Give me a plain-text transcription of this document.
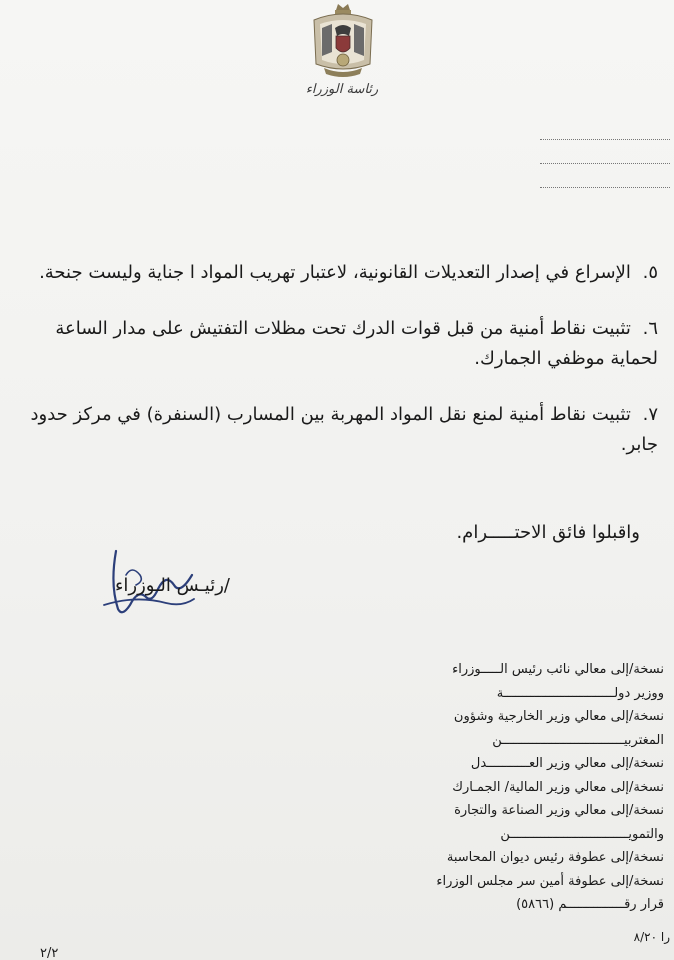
رئاسة الوزراء

٥. الإسراع في إصدار التعديلات القانونية، لاعتبار تهريب المواد ا جناية وليست جنحة.

٦. تثبيت نقاط أمنية من قبل قوات الدرك تحت مظلات التفتيش على مدار الساعة لحماية موظفي الجمارك.

٧. تثبيت نقاط أمنية لمنع نقل المواد المهربة بين المسارب (السنفرة) في مركز حدود جابر.

واقبلوا فائق الاحتـــــرام.
/رئيـس الـوزراء
نسخة/إلى معالي نائب رئيس الـــــوزراء
ووزير دولـــــــــــــــــــــــــــــة
نسخة/إلى معالي وزير الخارجية وشؤون
المغتربيــــــــــــــــــــــــــــــــن
نسخة/إلى معالي وزير العـــــــــــدل
نسخة/إلى معالي وزير المالية/ الجمـارك
نسخة/إلى معالي وزير الصناعة والتجارة
والتمويـــــــــــــــــــــــــــــــن
نسخة/إلى عطوفة رئيس ديوان المحاسبة
نسخة/إلى عطوفة أمين سر مجلس الوزراء
قرار رقـــــــــــــــم (٥٨٦٦)
را ٨/٢٠
٢/٢
